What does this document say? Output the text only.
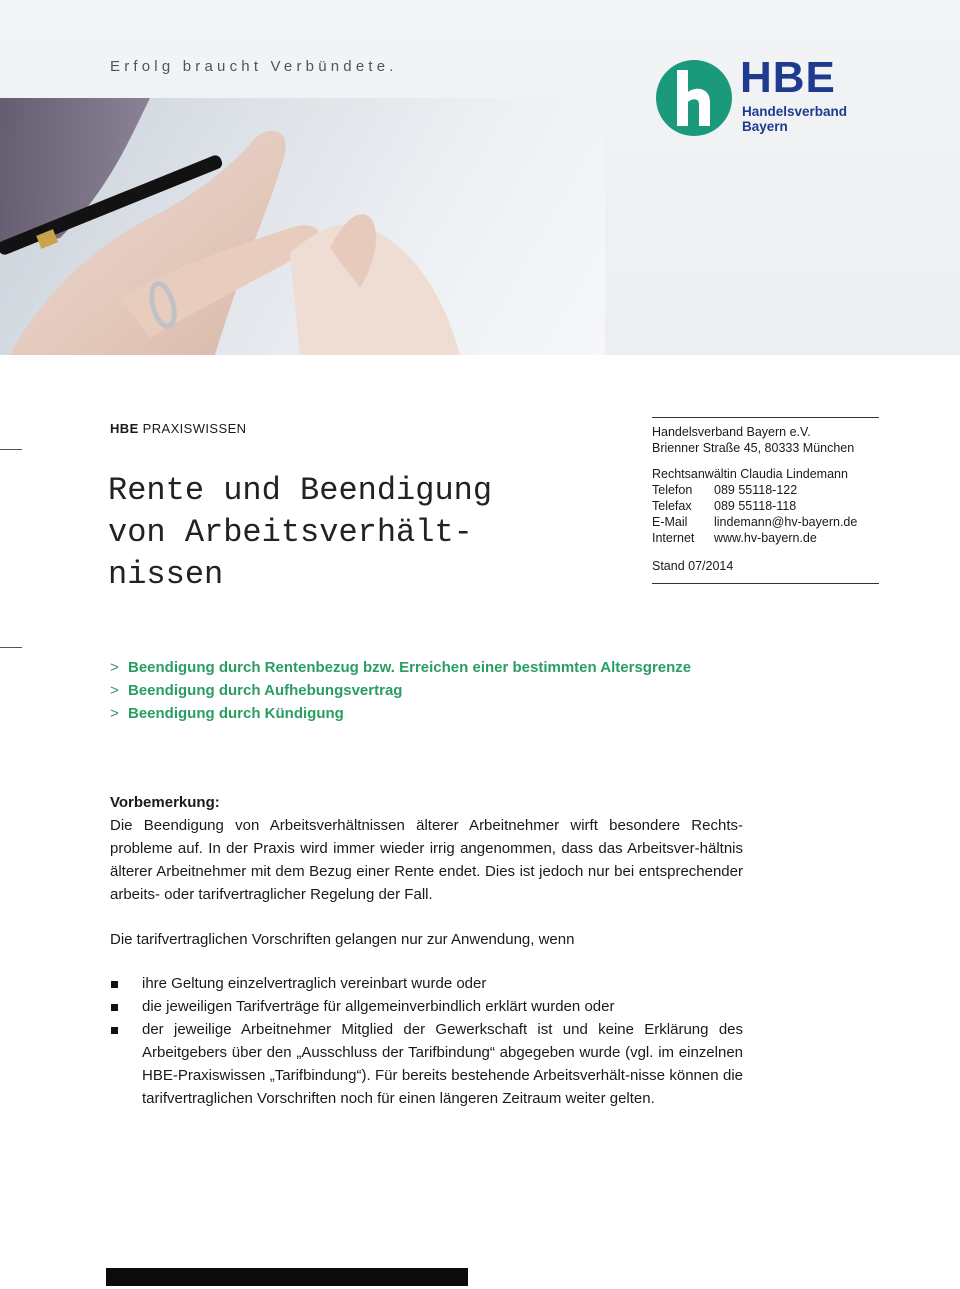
Erfolg braucht Verbündete.	HBE
Handelsverband
Bayern
HBE PRAXISWISSEN
Rente und Beendigung
von Arbeitsverhält-
nissen
Handelsverband Bayern e.V.
Brienner Straße 45, 80333 München
Rechtsanwältin Claudia Lindemann
Telefon	089 55118-122
Telefax	089 55118-118
E-Mail	lindemann@hv-bayern.de
Internet	www.hv-bayern.de
Stand 07/2014
> Beendigung durch Rentenbezug bzw. Erreichen einer bestimmten Altersgrenze
> Beendigung durch Aufhebungsvertrag
> Beendigung durch Kündigung
Vorbemerkung:
Die Beendigung von Arbeitsverhältnissen älterer Arbeitnehmer wirft besondere Rechts-probleme auf. In der Praxis wird immer wieder irrig angenommen, dass das Arbeitsver-hältnis älterer Arbeitnehmer mit dem Bezug einer Rente endet. Dies ist jedoch nur bei entsprechender arbeits- oder tarifvertraglicher Regelung der Fall.
Die tarifvertraglichen Vorschriften gelangen nur zur Anwendung, wenn
ihre Geltung einzelvertraglich vereinbart wurde oder
die jeweiligen Tarifverträge für allgemeinverbindlich erklärt wurden oder
der jeweilige Arbeitnehmer Mitglied der Gewerkschaft ist und keine Erklärung des Arbeitgebers über den „Ausschluss der Tarifbindung“ abgegeben wurde (vgl. im einzelnen HBE-Praxiswissen „Tarifbindung“). Für bereits bestehende Arbeitsverhält-nisse können die tarifvertraglichen Vorschriften noch für einen längeren Zeitraum weiter gelten.
